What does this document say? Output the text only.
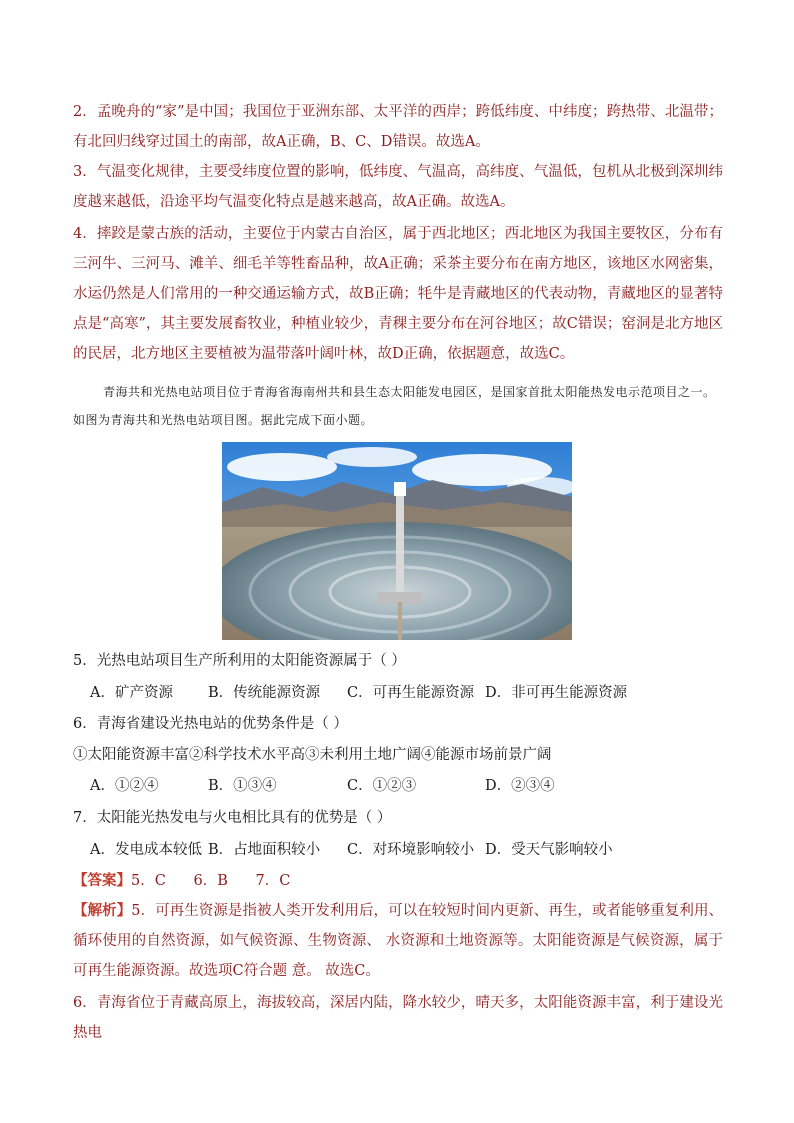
2．孟晚舟的“家”是中国；我国位于亚洲东部、太平洋的西岸；跨低纬度、中纬度；跨热带、北温带；有北回归线穿过国土的南部，故A正确，B、C、D错误。故选A。
3．气温变化规律，主要受纬度位置的影响，低纬度、气温高，高纬度、气温低，包机从北极到深圳纬度越来越低，沿途平均气温变化特点是越来越高，故A正确。故选A。
4．摔跤是蒙古族的活动，主要位于内蒙古自治区，属于西北地区；西北地区为我国主要牧区，分布有三河牛、三河马、滩羊、细毛羊等牲畜品种，故A正确；采茶主要分布在南方地区，该地区水网密集，水运仍然是人们常用的一种交通运输方式，故B正确；牦牛是青藏地区的代表动物，青藏地区的显著特点是“高寒”，其主要发展畜牧业，种植业较少，青稞主要分布在河谷地区；故C错误；窑洞是北方地区的民居，北方地区主要植被为温带落叶阔叶林，故D正确，依据题意，故选C。
青海共和光热电站项目位于青海省海南州共和县生态太阳能发电园区，是国家首批太阳能热发电示范项目之一。如图为青海共和光热电站项目图。据此完成下面小题。
5．光热电站项目生产所利用的太阳能资源属于（ ）
A．矿产资源 B．传统能源资源 C．可再生能源资源 D．非可再生能源资源
6．青海省建设光热电站的优势条件是（ ）
①太阳能资源丰富②科学技术水平高③未利用土地广阔④能源市场前景广阔
A．①②④	B．①③④	C．①②③	D．②③④
7．太阳能光热发电与火电相比具有的优势是（ ）
A．发电成本较低 B．占地面积较小 C．对环境影响较小 D．受天气影响较小
【答案】5．C      6．B      7．C
【解析】5．可再生资源是指被人类开发利用后，可以在较短时间内更新、再生，或者能够重复利用、循环使用的自然资源，如气候资源、生物资源、 水资源和土地资源等。太阳能资源是气候资源，属于可再生能源资源。故选项C符合题 意。 故选C。
6．青海省位于青藏高原上，海拔较高，深居内陆，降水较少，晴天多，太阳能资源丰富，利于建设光热电
